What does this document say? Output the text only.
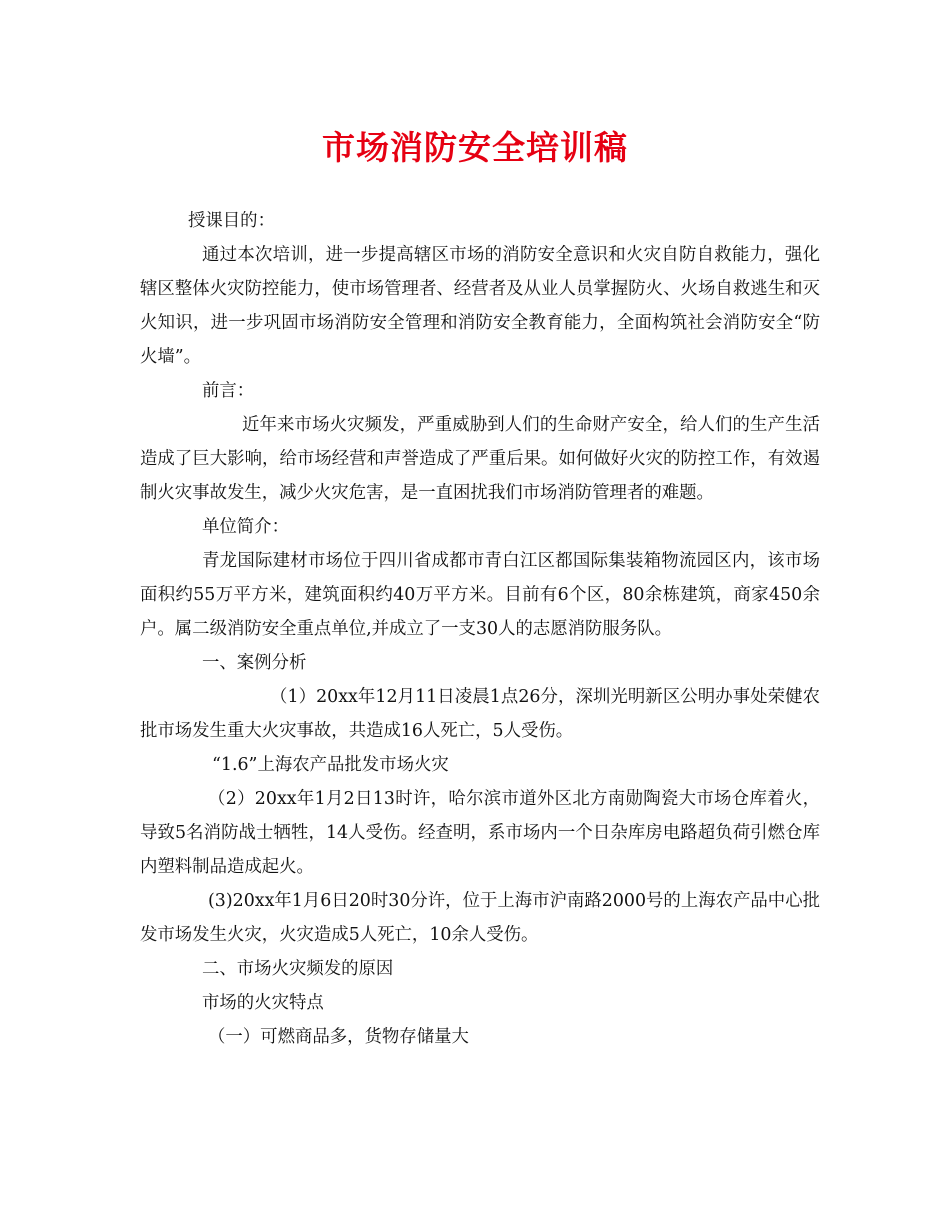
市场消防安全培训稿

授课目的：

通过本次培训，进一步提高辖区市场的消防安全意识和火灾自防自救能力，强化辖区整体火灾防控能力，使市场管理者、经营者及从业人员掌握防火、火场自救逃生和灭火知识，进一步巩固市场消防安全管理和消防安全教育能力，全面构筑社会消防安全“防火墙”。

前言：

近年来市场火灾频发，严重威胁到人们的生命财产安全，给人们的生产生活造成了巨大影响，给市场经营和声誉造成了严重后果。如何做好火灾的防控工作，有效遏制火灾事故发生，减少火灾危害，是一直困扰我们市场消防管理者的难题。

单位简介：

青龙国际建材市场位于四川省成都市青白江区都国际集装箱物流园区内，该市场面积约55万平方米，建筑面积约40万平方米。目前有6个区，80余栋建筑，商家450余户。属二级消防安全重点单位,并成立了一支30人的志愿消防服务队。

一、案例分析

（1）20xx年12月11日凌晨1点26分，深圳光明新区公明办事处荣健农批市场发生重大火灾事故，共造成16人死亡，5人受伤。

“1.6”上海农产品批发市场火灾

（2）20xx年1月2日13时许，哈尔滨市道外区北方南勋陶瓷大市场仓库着火，导致5名消防战士牺牲，14人受伤。经查明，系市场内一个日杂库房电路超负荷引燃仓库内塑料制品造成起火。

(3)20xx年1月6日20时30分许，位于上海市沪南路2000号的上海农产品中心批发市场发生火灾，火灾造成5人死亡，10余人受伤。

二、市场火灾频发的原因

市场的火灾特点

（一）可燃商品多，货物存储量大
